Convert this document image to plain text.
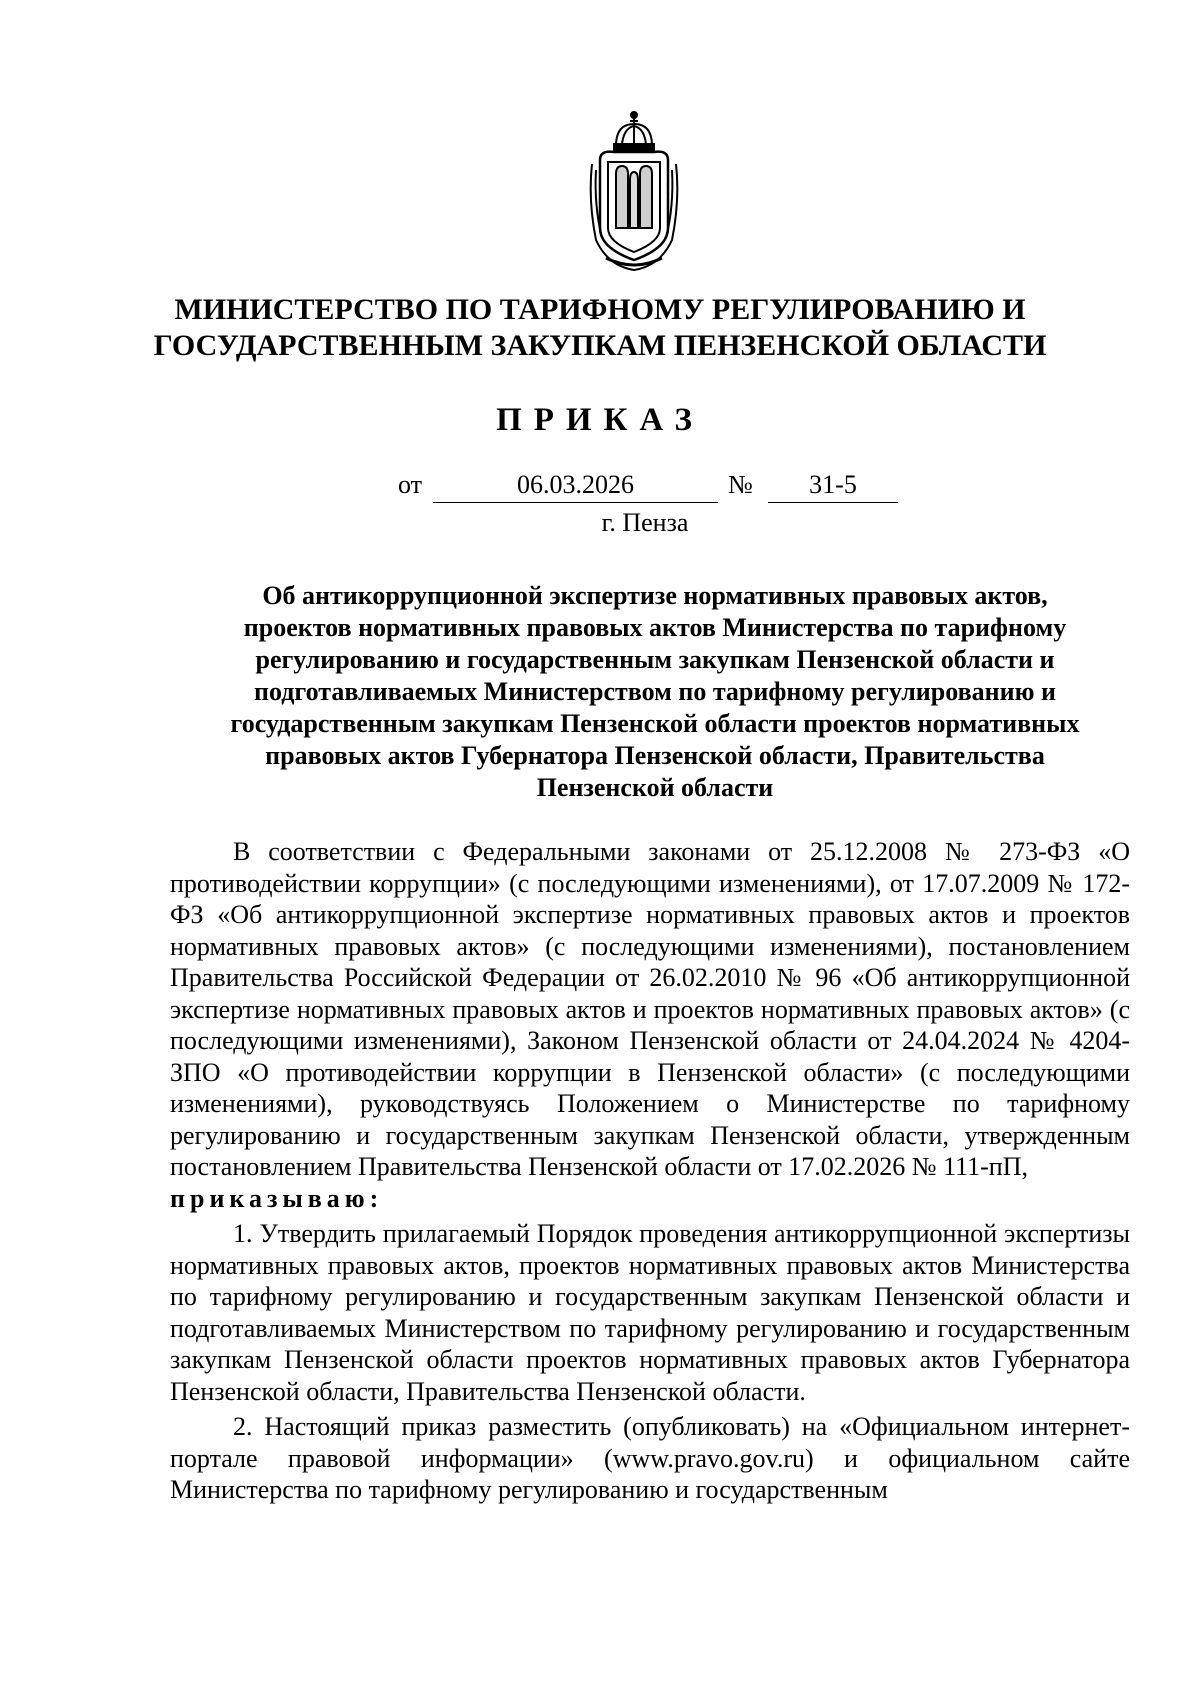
МИНИСТЕРСТВО ПО ТАРИФНОМУ РЕГУЛИРОВАНИЮ И
ГОСУДАРСТВЕННЫМ ЗАКУПКАМ ПЕНЗЕНСКОЙ ОБЛАСТИ
ПРИКАЗ
от	06.03.2026	№	31-5
г. Пенза
Об антикоррупционной экспертизе нормативных правовых актов,
проектов нормативных правовых актов Министерства по тарифному
регулированию и государственным закупкам Пензенской области и
подготавливаемых Министерством по тарифному регулированию и
государственным закупкам Пензенской области проектов нормативных
правовых актов Губернатора Пензенской области, Правительства
Пензенской области

В соответствии с Федеральными законами от 25.12.2008 № 273-ФЗ «О противодействии коррупции» (с последующими изменениями), от 17.07.2009 № 172-ФЗ «Об антикоррупционной экспертизе нормативных правовых актов и проектов нормативных правовых актов» (с последующими изменениями), постановлением Правительства Российской Федерации от 26.02.2010 № 96 «Об антикоррупционной экспертизе нормативных правовых актов и проектов нормативных правовых актов» (с последующими изменениями), Законом Пензенской области от 24.04.2024 № 4204-ЗПО «О противодействии коррупции в Пензенской области» (с последующими изменениями), руководствуясь Положением о Министерстве по тарифному регулированию и государственным закупкам Пензенской области, утвержденным постановлением Правительства Пензенской области от 17.02.2026 № 111-пП,

приказываю:

1. Утвердить прилагаемый Порядок проведения антикоррупционной экспертизы нормативных правовых актов, проектов нормативных правовых актов Министерства по тарифному регулированию и государственным закупкам Пензенской области и подготавливаемых Министерством по тарифному регулированию и государственным закупкам Пензенской области проектов нормативных правовых актов Губернатора Пензенской области, Правительства Пензенской области.

2. Настоящий приказ разместить (опубликовать) на «Официальном интернет-портале правовой информации» (www.pravo.gov.ru) и официальном сайте Министерства по тарифному регулированию и государственным
